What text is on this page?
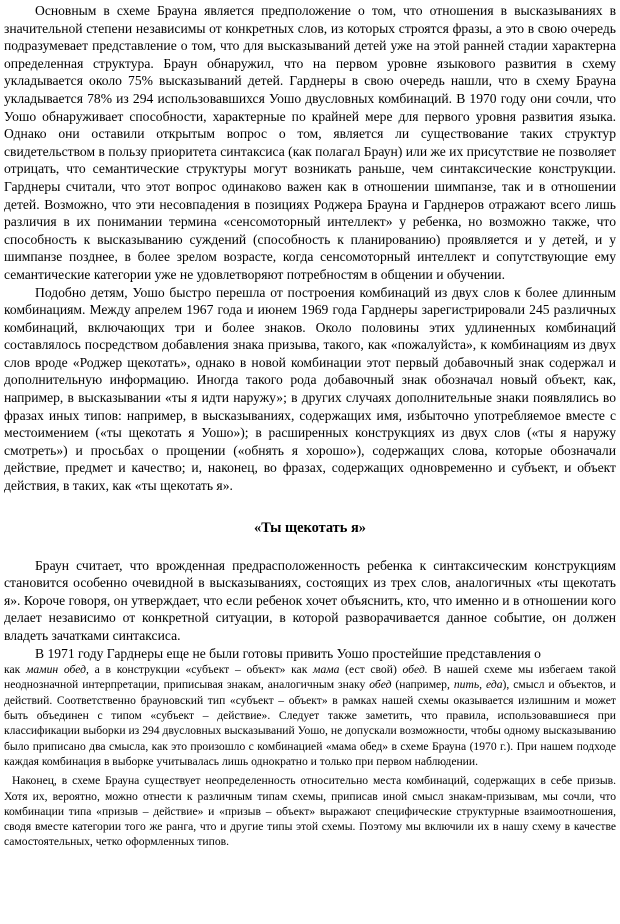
Основным в схеме Брауна является предположение о том, что отношения в высказываниях в значительной степени независимы от конкретных слов, из которых строятся фразы, а это в свою очередь подразумевает представление о том, что для высказываний детей уже на этой ранней стадии характерна определенная структура. Браун обнаружил, что на первом уровне языкового развития в схему укладывается около 75% высказываний детей. Гарднеры в свою очередь нашли, что в схему Брауна укладывается 78% из 294 использовавшихся Уошо двусловных комбинаций. В 1970 году они сочли, что Уошо обнаруживает способности, характерные по крайней мере для первого уровня развития языка. Однако они оставили открытым вопрос о том, является ли существование таких структур свидетельством в пользу приоритета синтаксиса (как полагал Браун) или же их присутствие не позволяет отрицать, что семантические структуры могут возникать раньше, чем синтаксические конструкции. Гарднеры считали, что этот вопрос одинаково важен как в отношении шимпанзе, так и в отношении детей. Возможно, что эти несовпадения в позициях Роджера Брауна и Гарднеров отражают всего лишь различия в их понимании термина «сенсомоторный интеллект» у ребенка, но возможно также, что способность к высказыванию суждений (способность к планированию) проявляется и у детей, и у шимпанзе позднее, в более зрелом возрасте, когда сенсомоторный интеллект и сопутствующие ему семантические категории уже не удовлетворяют потребностям в общении и обучении.

Подобно детям, Уошо быстро перешла от построения комбинаций из двух слов к более длинным комбинациям. Между апрелем 1967 года и июнем 1969 года Гарднеры зарегистрировали 245 различных комбинаций, включающих три и более знаков. Около половины этих удлиненных комбинаций составлялось посредством добавления знака призыва, такого, как «пожалуйста», к комбинациям из двух слов вроде «Роджер щекотать», однако в новой комбинации этот первый добавочный знак содержал и дополнительную информацию. Иногда такого рода добавочный знак обозначал новый объект, как, например, в высказывании «ты я идти наружу»; в других случаях дополнительные знаки появлялись во фразах иных типов: например, в высказываниях, содержащих имя, избыточно употребляемое вместе с местоимением («ты щекотать я Уошо»); в расширенных конструкциях из двух слов («ты я наружу смотреть») и просьбах о прощении («обнять я хорошо»), содержащих слова, которые обозначали действие, предмет и качество; и, наконец, во фразах, содержащих одновременно и субъект, и объект действия, в таких, как «ты щекотать я».

«Ты щекотать я»

Браун считает, что врожденная предрасположенность ребенка к синтаксическим конструкциям становится особенно очевидной в высказываниях, состоящих из трех слов, аналогичных «ты щекотать я». Короче говоря, он утверждает, что если ребенок хочет объяснить, кто, что именно и в отношении кого делает независимо от конкретной ситуации, в которой разворачивается данное событие, он должен владеть зачатками синтаксиса.

В 1971 году Гарднеры еще не были готовы привить Уошо простейшие представления о

как мамин обед, а в конструкции «субъект – объект» как мама (ест свой) обед. В нашей схеме мы избегаем такой неоднозначной интерпретации, приписывая знакам, аналогичным знаку обед (например, пить, еда), смысл и объектов, и действий. Соответственно брауновский тип «субъект – объект» в рамках нашей схемы оказывается излишним и может быть объединен с типом «субъект – действие». Следует также заметить, что правила, использовавшиеся при классификации выборки из 294 двусловных высказываний Уошо, не допускали возможности, чтобы одному высказыванию было приписано два смысла, как это произошло с комбинацией «мама обед» в схеме Брауна (1970 г.). При нашем подходе каждая комбинация в выборке учитывалась лишь однократно и только при первом наблюдении.

Наконец, в схеме Брауна существует неопределенность относительно места комбинаций, содержащих в себе призыв. Хотя их, вероятно, можно отнести к различным типам схемы, приписав иной смысл знакам-призывам, мы сочли, что комбинации типа «призыв – действие» и «призыв – объект» выражают специфические структурные взаимоотношения, сводя вместе категории того же ранга, что и другие типы этой схемы. Поэтому мы включили их в нашу схему в качестве самостоятельных, четко оформленных типов.
